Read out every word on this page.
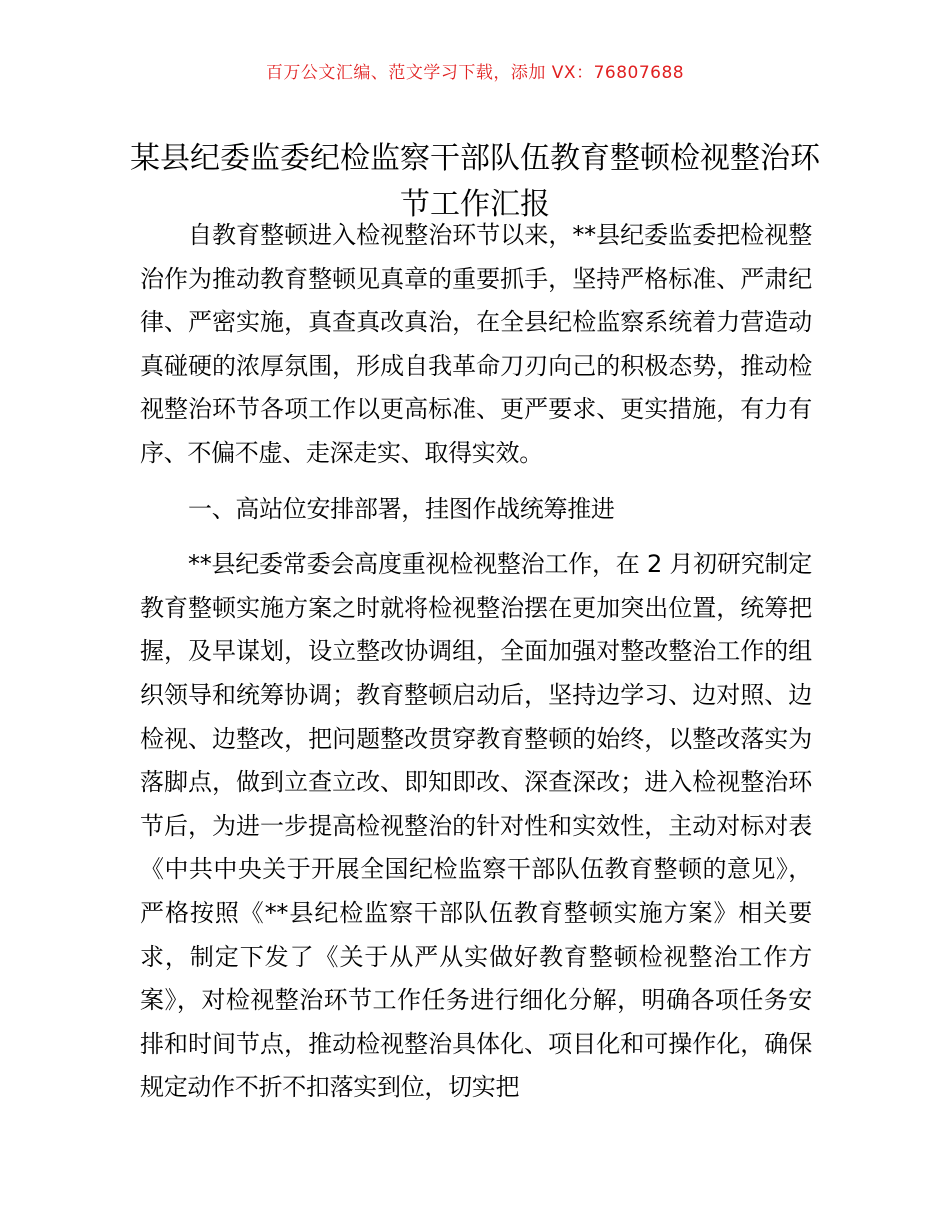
百万公文汇编、范文学习下载，添加 VX：76807688
某县纪委监委纪检监察干部队伍教育整顿检视整治环节工作汇报

自教育整顿进入检视整治环节以来，**县纪委监委把检视整治作为推动教育整顿见真章的重要抓手，坚持严格标准、严肃纪律、严密实施，真查真改真治，在全县纪检监察系统着力营造动真碰硬的浓厚氛围，形成自我革命刀刃向己的积极态势，推动检视整治环节各项工作以更高标准、更严要求、更实措施，有力有序、不偏不虚、走深走实、取得实效。

一、高站位安排部署，挂图作战统筹推进

**县纪委常委会高度重视检视整治工作，在 2 月初研究制定教育整顿实施方案之时就将检视整治摆在更加突出位置，统筹把握，及早谋划，设立整改协调组，全面加强对整改整治工作的组织领导和统筹协调；教育整顿启动后，坚持边学习、边对照、边检视、边整改，把问题整改贯穿教育整顿的始终，以整改落实为落脚点，做到立查立改、即知即改、深查深改；进入检视整治环节后，为进一步提高检视整治的针对性和实效性，主动对标对表《中共中央关于开展全国纪检监察干部队伍教育整顿的意见》，严格按照《**县纪检监察干部队伍教育整顿实施方案》相关要求，制定下发了《关于从严从实做好教育整顿检视整治工作方案》，对检视整治环节工作任务进行细化分解，明确各项任务安排和时间节点，推动检视整治具体化、项目化和可操作化，确保规定动作不折不扣落实到位，切实把
